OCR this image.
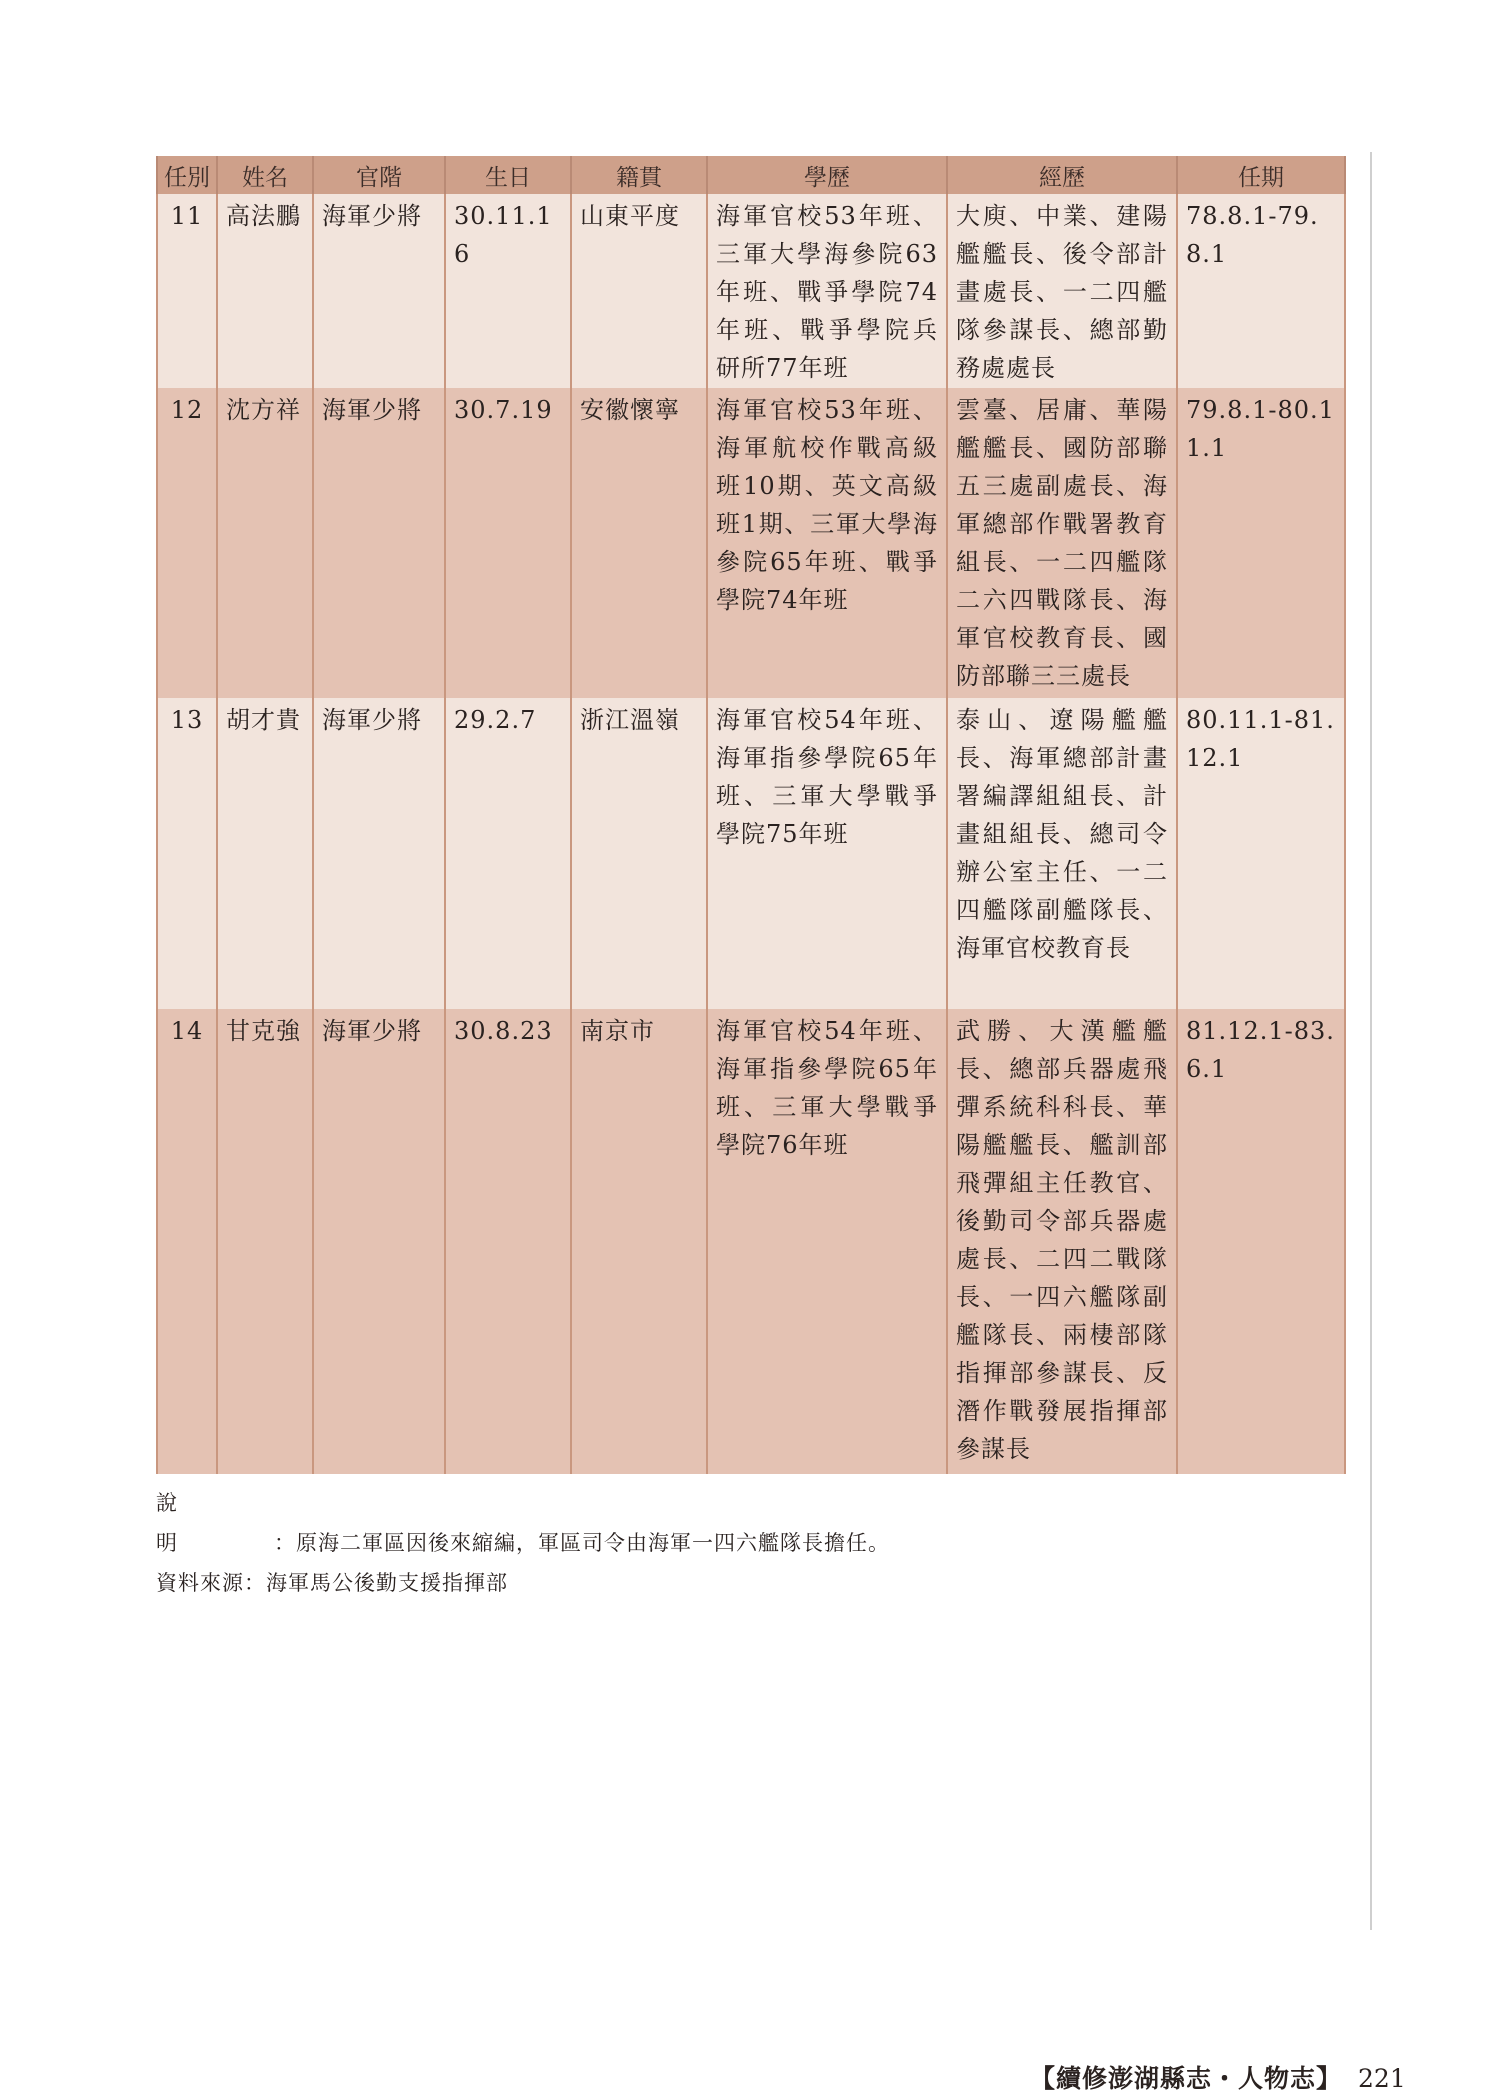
任別	姓名	官階	生日	籍貫	學歷	經歷	任期
11	高法鵬	海軍少將	30.11.16	山東平度	海軍官校53年班、三軍大學海參院63年班、戰爭學院74年班、戰爭學院兵研所77年班	大庾、中業、建陽艦艦長、後令部計畫處長、一二四艦隊參謀長、總部勤務處處長	78.8.1-79.8.1
12	沈方祥	海軍少將	30.7.19	安徽懷寧	海軍官校53年班、海軍航校作戰高級班10期、英文高級班1期、三軍大學海參院65年班、戰爭學院74年班	雲臺、居庸、華陽艦艦長、國防部聯五三處副處長、海軍總部作戰署教育組長、一二四艦隊二六四戰隊長、海軍官校教育長、國防部聯三三處長	79.8.1-80.11.1
13	胡才貴	海軍少將	29.2.7	浙江溫嶺	海軍官校54年班、海軍指參學院65年班、三軍大學戰爭學院75年班	泰山、遼陽艦艦長、海軍總部計畫署編譯組組長、計畫組組長、總司令辦公室主任、一二四艦隊副艦隊長、海軍官校教育長	80.11.1-81.12.1
14	甘克強	海軍少將	30.8.23	南京市	海軍官校54年班、海軍指參學院65年班、三軍大學戰爭學院76年班	武勝、大漢艦艦長、總部兵器處飛彈系統科科長、華陽艦艦長、艦訓部飛彈組主任教官、後勤司令部兵器處處長、二四二戰隊長、一四六艦隊副艦隊長、兩棲部隊指揮部參謀長、反潛作戰發展指揮部參謀長	81.12.1-83.6.1
說明 ：原海二軍區因後來縮編，軍區司令由海軍一四六艦隊長擔任。
資料來源：海軍馬公後勤支援指揮部
【續修澎湖縣志・人物志】 221
